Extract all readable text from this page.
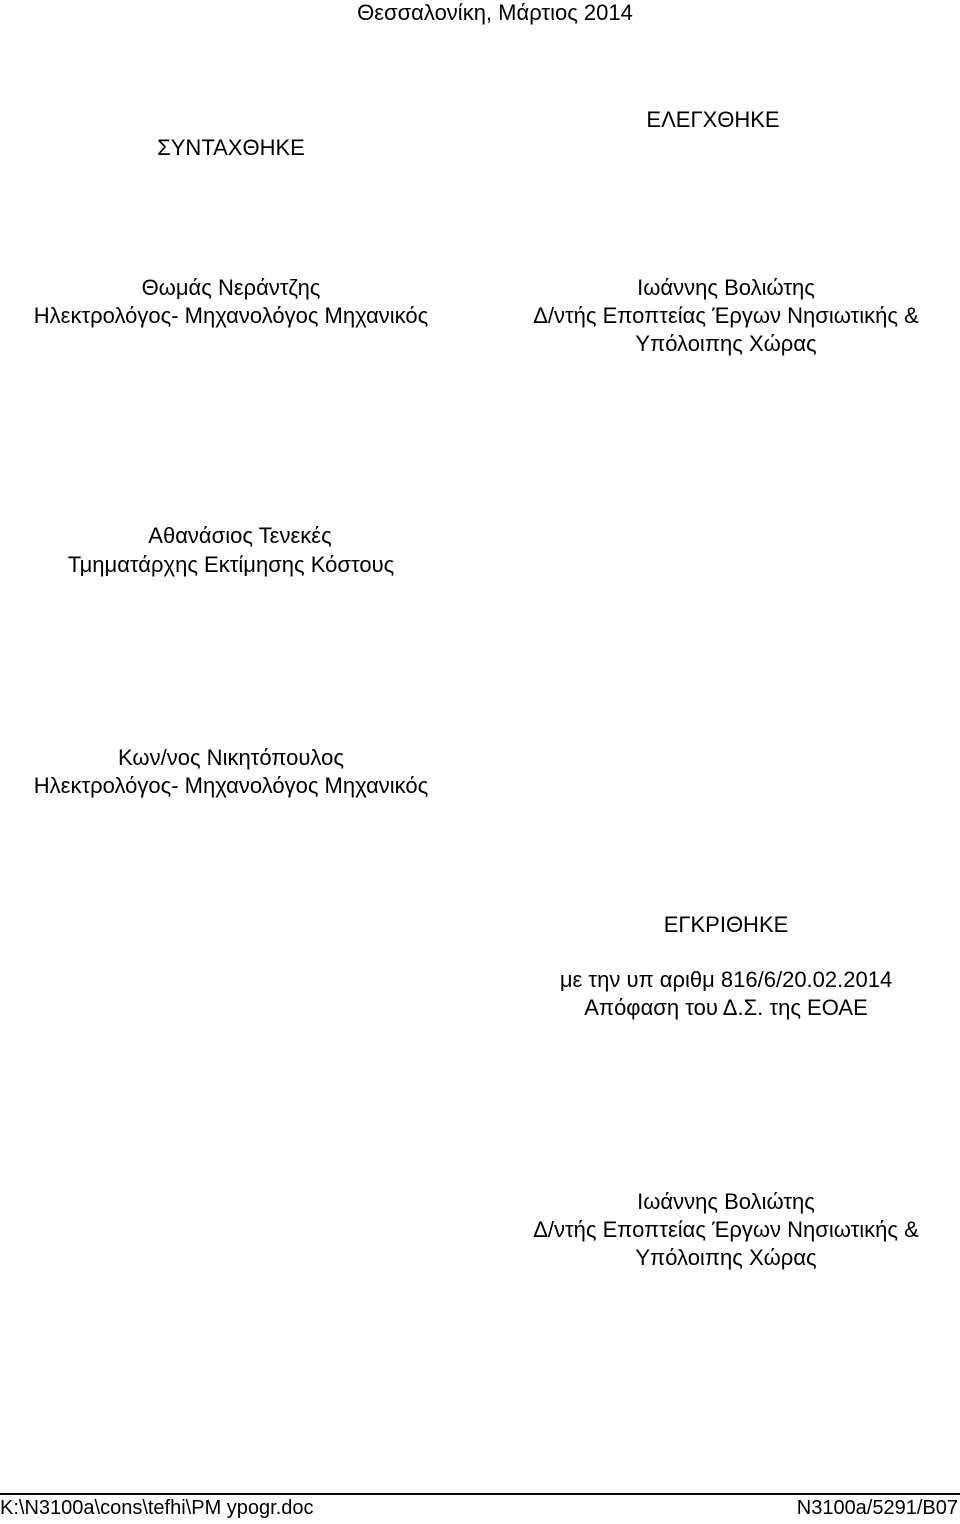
Θεσσαλονίκη, Μάρτιος 2014
ΕΛΕΓΧΘΗΚΕ
ΣΥΝΤΑΧΘΗΚΕ
Θωμάς Νεράντζης
Ηλεκτρολόγος- Μηχανολόγος Μηχανικός
Ιωάννης Βολιώτης
Δ/ντής Εποπτείας Έργων Νησιωτικής &
Υπόλοιπης Χώρας
Αθανάσιος Τενεκές
Τμηματάρχης Εκτίμησης Κόστους
Κων/νος Νικητόπουλος
Ηλεκτρολόγος- Μηχανολόγος Μηχανικός
ΕΓΚΡΙΘΗΚΕ
με την υπ αριθμ 816/6/20.02.2014
Απόφαση του Δ.Σ. της ΕΟΑΕ
Ιωάννης Βολιώτης
Δ/ντής Εποπτείας Έργων Νησιωτικής &
Υπόλοιπης Χώρας
K:\N3100a\cons\tefhi\PM ypogr.doc	N3100a/5291/B07
